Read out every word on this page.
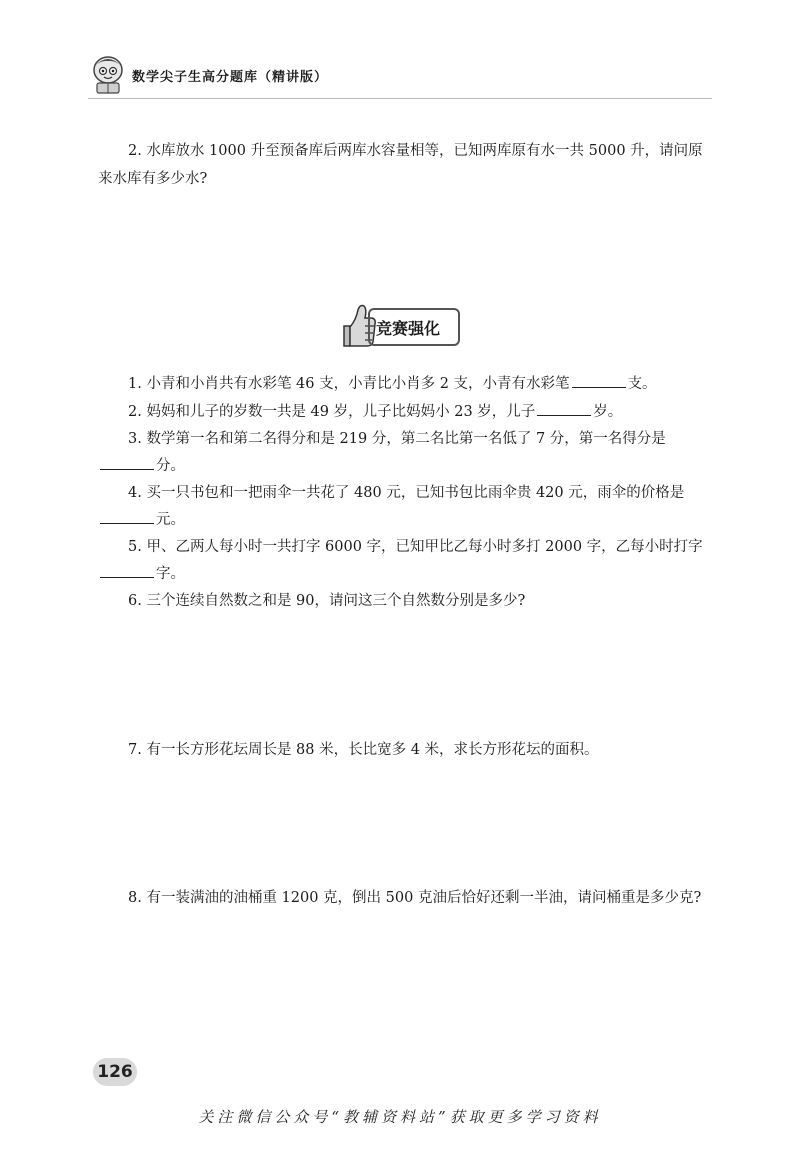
数学尖子生高分题库（精讲版）
2. 水库放水 1000 升至预备库后两库水容量相等，已知两库原有水一共 5000 升，请问原
来水库有多少水?
竞赛强化
1. 小青和小肖共有水彩笔 46 支，小青比小肖多 2 支，小青有水彩笔	支。
2. 妈妈和儿子的岁数一共是 49 岁，儿子比妈妈小 23 岁，儿子	岁。
3. 数学第一名和第二名得分和是 219 分，第二名比第一名低了 7 分，第一名得分是
分。
4. 买一只书包和一把雨伞一共花了 480 元，已知书包比雨伞贵 420 元，雨伞的价格是
元。
5. 甲、乙两人每小时一共打字 6000 字，已知甲比乙每小时多打 2000 字，乙每小时打字
字。
6. 三个连续自然数之和是 90，请问这三个自然数分别是多少?
7. 有一长方形花坛周长是 88 米，长比宽多 4 米，求长方形花坛的面积。
8. 有一装满油的油桶重 1200 克，倒出 500 克油后恰好还剩一半油，请问桶重是多少克?
126
关注微信公众号“教辅资料站”获取更多学习资料
